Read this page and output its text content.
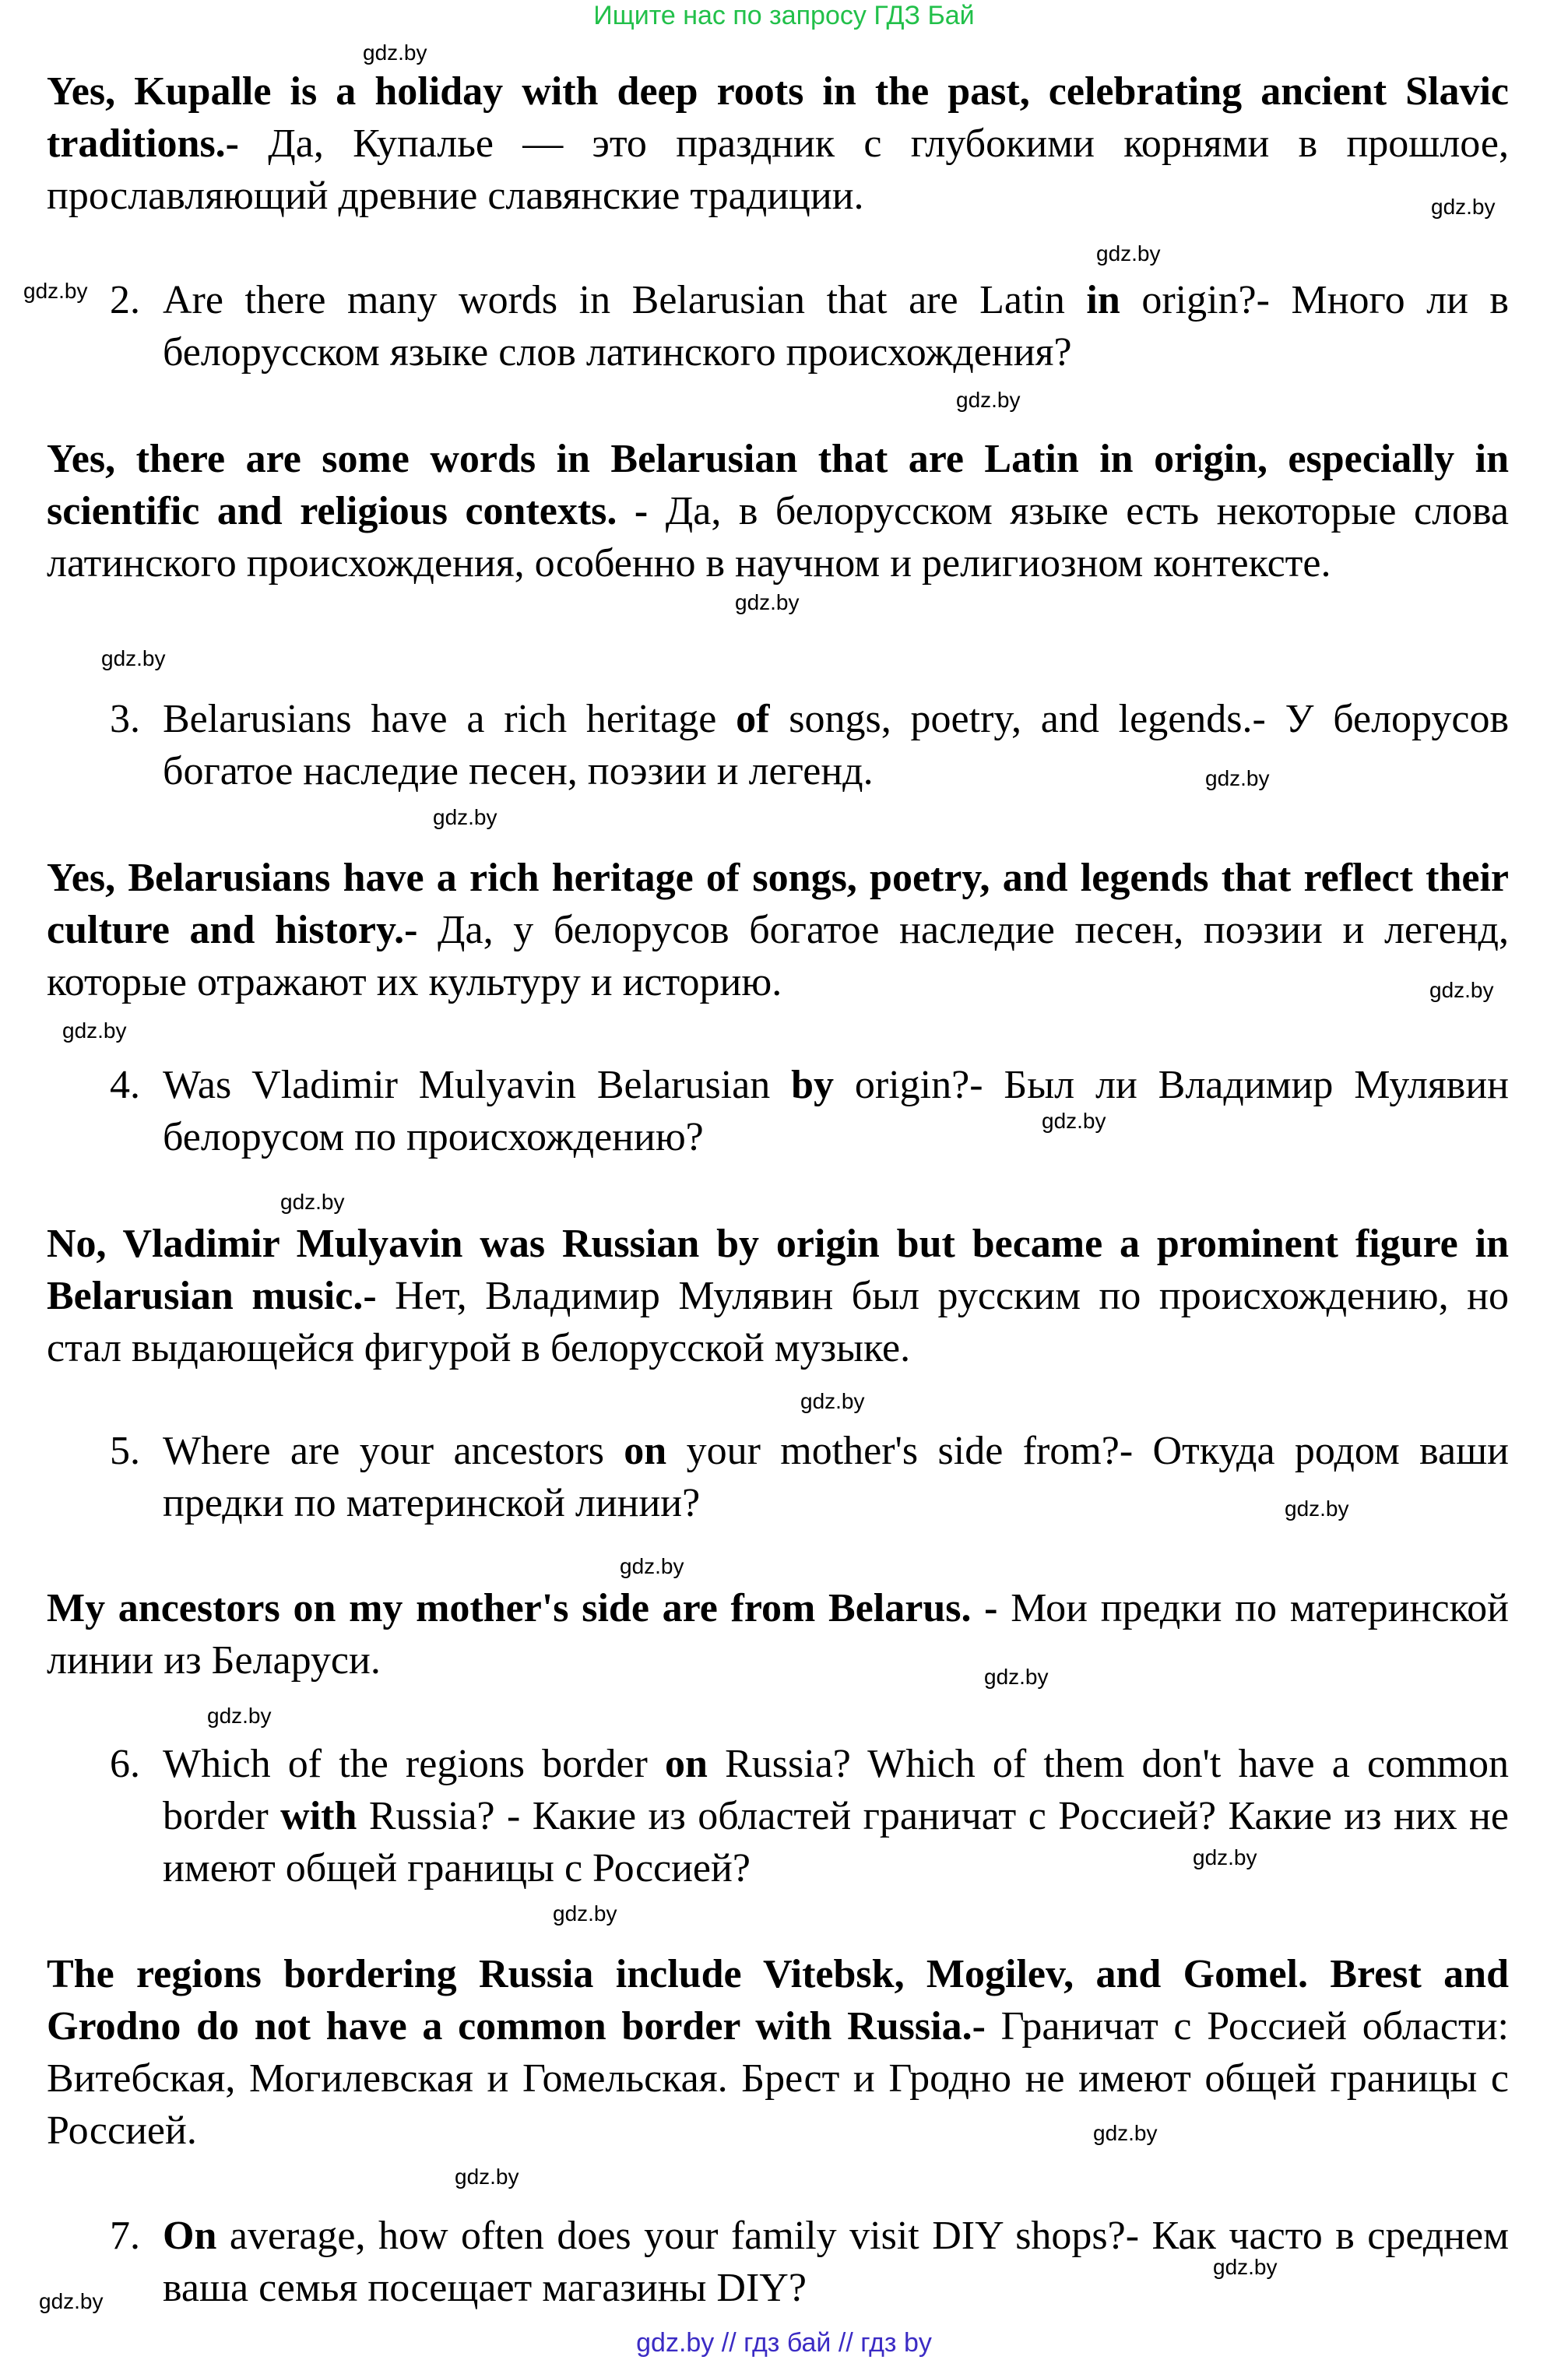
Ищите нас по запросу ГДЗ Бай

Yes, Kupalle is a holiday with deep roots in the past, celebrating ancient Slavic traditions.- Да, Купалье — это праздник с глубокими корнями в прошлое, прославляющий древние славянские традиции.

2. Are there many words in Belarusian that are Latin in origin?- Много ли в белорусском языке слов латинского происхождения?

Yes, there are some words in Belarusian that are Latin in origin, especially in scientific and religious contexts. - Да, в белорусском языке есть некоторые слова латинского происхождения, особенно в научном и религиозном контексте.

3. Belarusians have a rich heritage of songs, poetry, and legends.- У белорусов богатое наследие песен, поэзии и легенд.

Yes, Belarusians have a rich heritage of songs, poetry, and legends that reflect their culture and history.- Да, у белорусов богатое наследие песен, поэзии и легенд, которые отражают их культуру и историю.

4. Was Vladimir Mulyavin Belarusian by origin?- Был ли Владимир Мулявин белорусом по происхождению?

No, Vladimir Mulyavin was Russian by origin but became a prominent figure in Belarusian music.- Нет, Владимир Мулявин был русским по происхождению, но стал выдающейся фигурой в белорусской музыке.

5. Where are your ancestors on your mother's side from?- Откуда родом ваши предки по материнской линии?

My ancestors on my mother's side are from Belarus. - Мои предки по материнской линии из Беларуси.

6. Which of the regions border on Russia? Which of them don't have a common border with Russia? - Какие из областей граничат с Россией? Какие из них не имеют общей границы с Россией?

The regions bordering Russia include Vitebsk, Mogilev, and Gomel. Brest and Grodno do not have a common border with Russia.- Граничат с Россией области: Витебская, Могилевская и Гомельская. Брест и Гродно не имеют общей границы с Россией.

7. On average, how often does your family visit DIY shops?- Как часто в среднем ваша семья посещает магазины DIY?

gdz.by
gdz.by
gdz.by
gdz.by
gdz.by
gdz.by
gdz.by
gdz.by
gdz.by
gdz.by
gdz.by
gdz.by
gdz.by
gdz.by
gdz.by
gdz.by
gdz.by
gdz.by
gdz.by
gdz.by
gdz.by
gdz.by
gdz.by
gdz.by
gdz.by // гдз бай // гдз by
